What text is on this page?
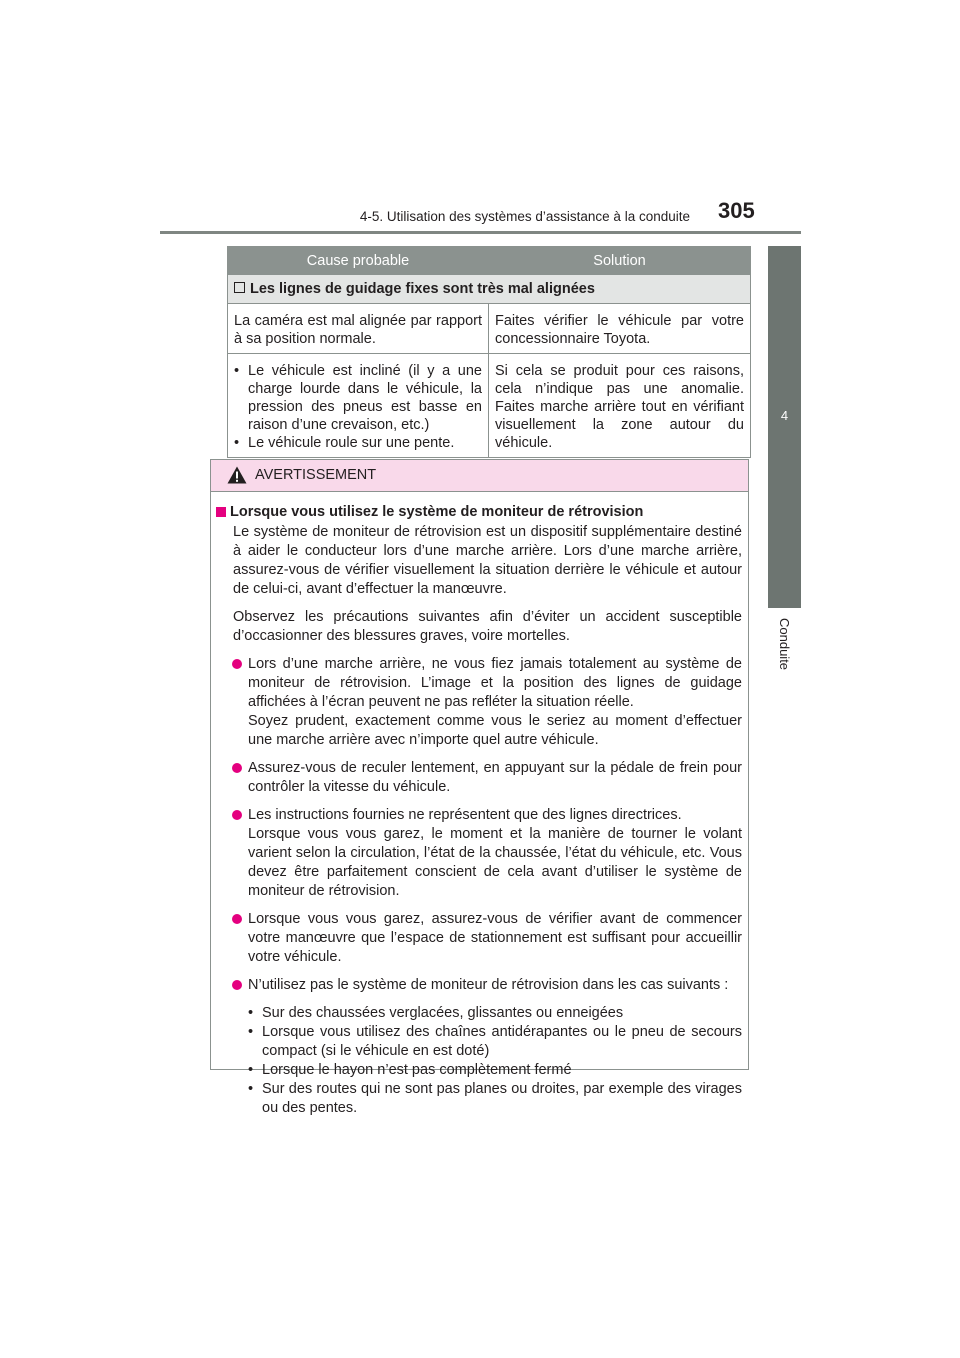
4-5. Utilisation des systèmes d’assistance à la conduite 305
4
Conduite
Cause probable	Solution
Les lignes de guidage fixes sont très mal alignées	
La caméra est mal alignée par rapport à sa position normale.	Faites vérifier le véhicule par votre concessionnaire Toyota.

• Le véhicule est incliné (il y a une charge lourde dans le véhicule, la pression des pneus est basse en raison d’une crevaison, etc.)
• Le véhicule roule sur une pente.	Si cela se produit pour ces raisons, cela n’indique pas une anomalie. Faites marche arrière tout en vérifiant visuellement la zone autour du véhicule.
AVERTISSEMENT
Lorsque vous utilisez le système de moniteur de rétrovision

Le système de moniteur de rétrovision est un dispositif supplémentaire destiné à aider le conducteur lors d’une marche arrière. Lors d’une marche arrière, assurez-vous de vérifier visuellement la situation derrière le véhicule et autour de celui-ci, avant d’effectuer la manœuvre.

Observez les précautions suivantes afin d’éviter un accident susceptible d’occasionner des blessures graves, voire mortelles.

Lors d’une marche arrière, ne vous fiez jamais totalement au système de moniteur de rétrovision. L’image et la position des lignes de guidage affichées à l’écran peuvent ne pas refléter la situation réelle.
Soyez prudent, exactement comme vous le seriez au moment d’effectuer une marche arrière avec n’importe quel autre véhicule.
Assurez-vous de reculer lentement, en appuyant sur la pédale de frein pour contrôler la vitesse du véhicule.
Les instructions fournies ne représentent que des lignes directrices.
Lorsque vous vous garez, le moment et la manière de tourner le volant varient selon la circulation, l’état de la chaussée, l’état du véhicule, etc. Vous devez être parfaitement conscient de cela avant d’utiliser le système de moniteur de rétrovision.
Lorsque vous vous garez, assurez-vous de vérifier avant de commencer votre manœuvre que l’espace de stationnement est suffisant pour accueillir votre véhicule.
N’utilisez pas le système de moniteur de rétrovision dans les cas suivants :
• Sur des chaussées verglacées, glissantes ou enneigées
• Lorsque vous utilisez des chaînes antidérapantes ou le pneu de secours compact (si le véhicule en est doté)
• Lorsque le hayon n’est pas complètement fermé
• Sur des routes qui ne sont pas planes ou droites, par exemple des virages ou des pentes.
